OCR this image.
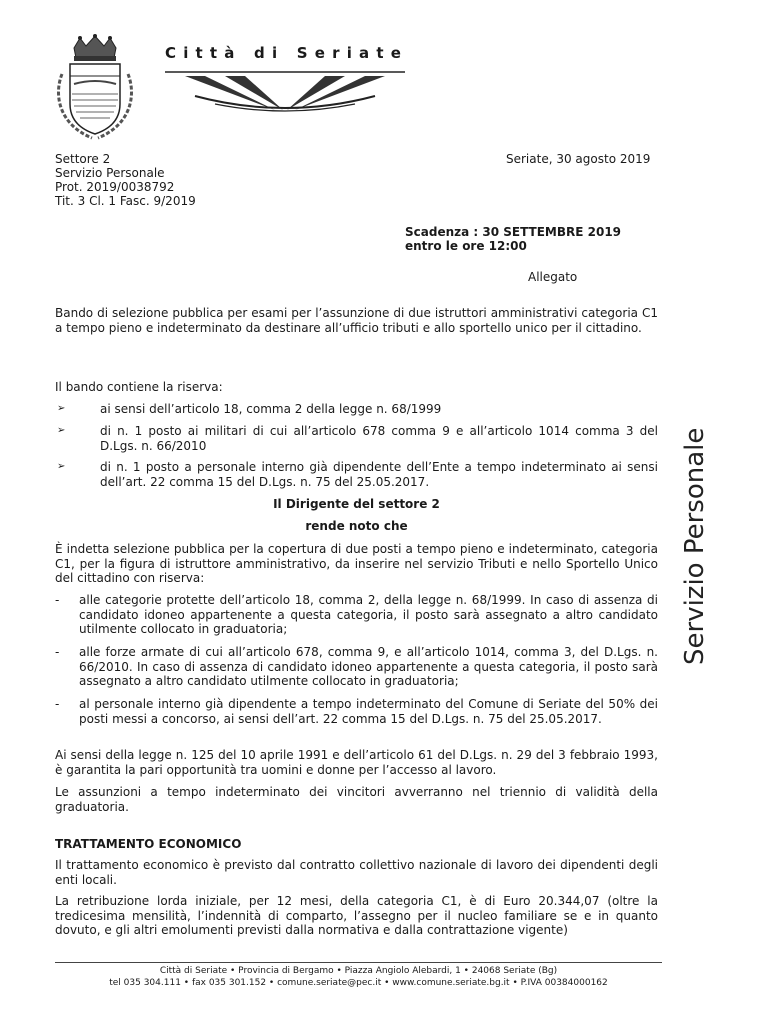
Città di Seriate
Settore 2
Servizio Personale
Prot. 2019/0038792
Tit. 3 Cl. 1 Fasc. 9/2019
Seriate, 30 agosto 2019
Scadenza : 30 SETTEMBRE 2019
entro le ore 12:00
Allegato

Bando di selezione pubblica per esami per l’assunzione di due istruttori amministrativi categoria C1 a tempo pieno e indeterminato da destinare all’ufficio tributi e allo sportello unico per il cittadino.

Il bando contiene la riserva:
➢	ai sensi dell’articolo 18, comma 2 della legge n. 68/1999

➢	di n. 1 posto ai militari di cui all’articolo 678 comma 9 e all’articolo 1014 comma 3 del D.Lgs. n. 66/2010

➢	di n. 1 posto a personale interno già dipendente dell’Ente a tempo indeterminato ai sensi dell’art. 22 comma 15 del D.Lgs. n. 75 del 25.05.2017.

Il Dirigente del settore 2
rende noto che

È indetta selezione pubblica per la copertura di due posti a tempo pieno e indeterminato, categoria C1, per la figura di istruttore amministrativo, da inserire nel servizio Tributi e nello Sportello Unico del cittadino con riserva:

- alle categorie protette dell’articolo 18, comma 2, della legge n. 68/1999. In caso di assenza di candidato idoneo appartenente a questa categoria, il posto sarà assegnato a altro candidato utilmente collocato in graduatoria;

- alle forze armate di cui all’articolo 678, comma 9, e all’articolo 1014, comma 3, del D.Lgs. n. 66/2010. In caso di assenza di candidato idoneo appartenente a questa categoria, il posto sarà assegnato a altro candidato utilmente collocato in graduatoria;

- al personale interno già dipendente a tempo indeterminato del Comune di Seriate del 50% dei posti messi a concorso, ai sensi dell’art. 22 comma 15 del D.Lgs. n. 75 del 25.05.2017.

Ai sensi della legge n. 125 del 10 aprile 1991 e dell’articolo 61 del D.Lgs. n. 29 del 3 febbraio 1993, è garantita la pari opportunità tra uomini e donne per l’accesso al lavoro.

Le assunzioni a tempo indeterminato dei vincitori avverranno nel triennio di validità della graduatoria.

TRATTAMENTO ECONOMICO

Il trattamento economico è previsto dal contratto collettivo nazionale di lavoro dei dipendenti degli enti locali.

La retribuzione lorda iniziale, per 12 mesi, della categoria C1, è di Euro 20.344,07 (oltre la tredicesima mensilità, l’indennità di comparto, l’assegno per il nucleo familiare se e in quanto dovuto, e gli altri emolumenti previsti dalla normativa e dalla contrattazione vigente)

Città di Seriate • Provincia di Bergamo • Piazza Angiolo Alebardi, 1 • 24068 Seriate (Bg)
tel 035 304.111 • fax 035 301.152 • comune.seriate@pec.it • www.comune.seriate.bg.it • P.IVA 00384000162
Servizio Personale
